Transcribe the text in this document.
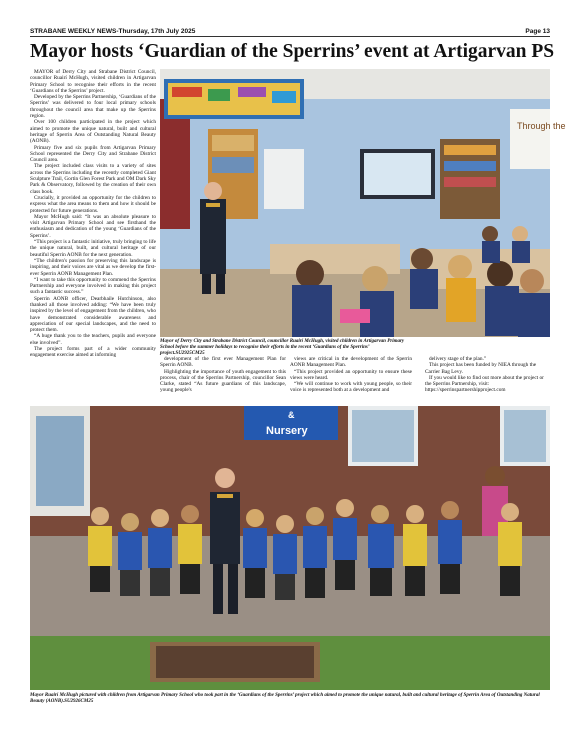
STRABANE WEEKLY NEWS-Thursday, 17th July 2025	Page 13
Mayor hosts ‘Guardian of the Sperrins’ event at Artigarvan PS

MAYOR of Derry City and Strabane District Council, councillor Ruairí McHugh, visited children in Artigarvan Primary School to recognise their efforts in the recent ‘Guardians of the Sperrins’ project.

Developed by the Sperrins Partnership, ‘Guardians of the Sperrins’ was delivered to four local primary schools throughout the council area that make up the Sperrins region.

Over 100 children participated in the project which aimed to promote the unique natural, built and cultural heritage of Sperrin Area of Outstanding Natural Beauty (AONB).

Primary five and six pupils from Artigarvan Primary School represented the Derry City and Strabane District Council area.

The project included class visits to a variety of sites across the Sperrins including the recently completed Giant Sculpture Trail, Gortin Glen Forest Park and OM Dark Sky Park & Observatory, followed by the creation of their own class book.

Crucially, it provided an opportunity for the children to express what the area means to them and how it should be protected for future generations.

Mayor McHugh said: “It was an absolute pleasure to visit Artigarvan Primary School and see firsthand the enthusiasm and dedication of the young ‘Guardians of the Sperrins’.

“This project is a fantastic initiative, truly bringing to life the unique natural, built, and cultural heritage of our beautiful Sperrin AONB for the next generation.

“The children's passion for preserving this landscape is inspiring, and their voices are vital as we develop the first-ever Sperrin AONB Management Plan.

“I want to take this opportunity to commend the Sperrins Partnership and everyone involved in making this project such a fantastic success.”

Sperrin AONB officer, Dearbhaile Hutchinson, also thanked all those involved adding: “We have been truly inspired by the level of engagement from the children, who have demonstrated considerable awareness and appreciation of our special landscapes, and the need to protect them.

“A huge thank you to the teachers, pupils and everyone else involved”.

The project forms part of a wider community engagement exercise aimed at informing

Through the
Mayor of Derry City and Strabane District Council, councillor Ruairí McHugh, visited children in Artigarvan Primary School before the summer holidays to recognise their efforts in the recent ‘Guardians of the Sperrins’ project.SU2925CM25

development of the first ever Management Plan for Sperrin AONB.

Highlighting the importance of youth engagement to this process, chair of the Sperrins Partnership, councillor Sean Clarke, stated “As future guardians of this landscape, young people's

views are critical in the development of the Sperrin AONB Management Plan.

“This project provided an opportunity to ensure these views were heard.

“We will continue to work with young people, so their voice is represented both at a development and

delivery stage of the plan.”

This project has been funded by NIEA through the Carrier Bag Levy.

If you would like to find out more about the project or the Sperrins Partnership, visit: https://sperrinspartnershipproject.com

&
Nursery
Mayor Ruairí McHugh pictured with children from Artigarvan Primary School who took part in the ‘Guardians of the Sperrins’ project which aimed to promote the unique natural, built and cultural heritage of Sperrin Area of Outstanding Natural Beauty (AONB).SU2926CM25
